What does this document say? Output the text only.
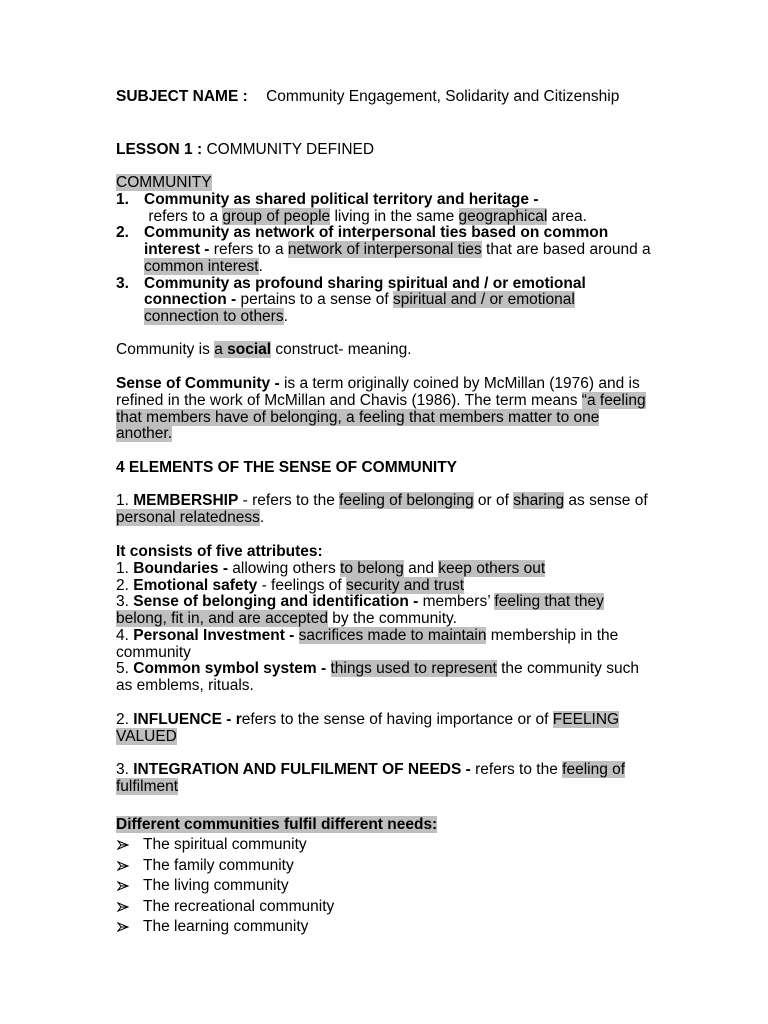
SUBJECT NAME : Community Engagement, Solidarity and Citizenship
LESSON 1 : COMMUNITY DEFINED
COMMUNITY
1. Community as shared political territory and heritage -
refers to a group of people living in the same geographical area.
2. Community as network of interpersonal ties based on common
interest - refers to a network of interpersonal ties that are based around a
common interest.
3. Community as profound sharing spiritual and / or emotional
connection - pertains to a sense of spiritual and / or emotional
connection to others.
Community is a social construct- meaning.
Sense of Community - is a term originally coined by McMillan (1976) and is
refined in the work of McMillan and Chavis (1986). The term means “a feeling
that members have of belonging, a feeling that members matter to one
another.
4 ELEMENTS OF THE SENSE OF COMMUNITY
1. MEMBERSHIP - refers to the feeling of belonging or of sharing as sense of
personal relatedness.
It consists of five attributes:
1. Boundaries - allowing others to belong and keep others out
2. Emotional safety - feelings of security and trust
3. Sense of belonging and identification - members’ feeling that they
belong, fit in, and are accepted by the community.
4. Personal Investment - sacrifices made to maintain membership in the
community
5. Common symbol system - things used to represent the community such
as emblems, rituals.
2. INFLUENCE - refers to the sense of having importance or of FEELING
VALUED
3. INTEGRATION AND FULFILMENT OF NEEDS - refers to the feeling of
fulfilment
Different communities fulfil different needs:
The spiritual community
The family community
The living community
The recreational community
The learning community
